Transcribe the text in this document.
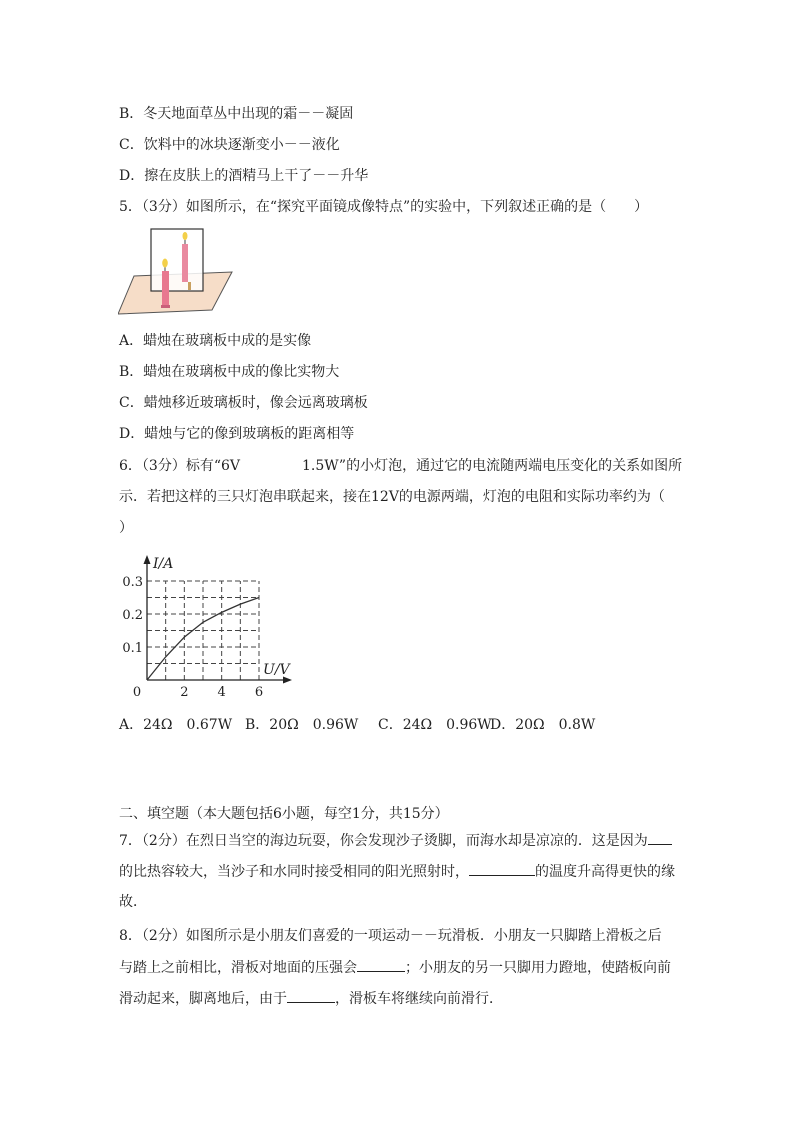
B．冬天地面草丛中出现的霜－－凝固
C．饮料中的冰块逐渐变小－－液化
D．擦在皮肤上的酒精马上干了－－升华
5．（3分）如图所示，在“探究平面镜成像特点”的实验中，下列叙述正确的是（　　）
A．蜡烛在玻璃板中成的是实像
B．蜡烛在玻璃板中成的像比实物大
C．蜡烛移近玻璃板时，像会远离玻璃板
D．蜡烛与它的像到玻璃板的距离相等
6．（3分）标有“6V	1.5W”的小灯泡，通过它的电流随两端电压变化的关系如图所
示．若把这样的三只灯泡串联起来，接在12V的电源两端，灯泡的电阻和实际功率约为（
）
2 4 6
0.1
0.2
0.3
0
I/A
U/V
A．24Ω　0.67W B．20Ω　0.96W C．24Ω　0.96WD．20Ω　0.8W
二、填空题（本大题包括6小题，每空1分，共15分）
7．（2分）在烈日当空的海边玩耍，你会发现沙子烫脚，而海水却是凉凉的．这是因为
的比热容较大，当沙子和水同时接受相同的阳光照射时，	的温度升高得更快的缘
故．
8．（2分）如图所示是小朋友们喜爱的一项运动－－玩滑板．小朋友一只脚踏上滑板之后
与踏上之前相比，滑板对地面的压强会	；小朋友的另一只脚用力蹬地，使踏板向前
滑动起来，脚离地后，由于	，滑板车将继续向前滑行．
